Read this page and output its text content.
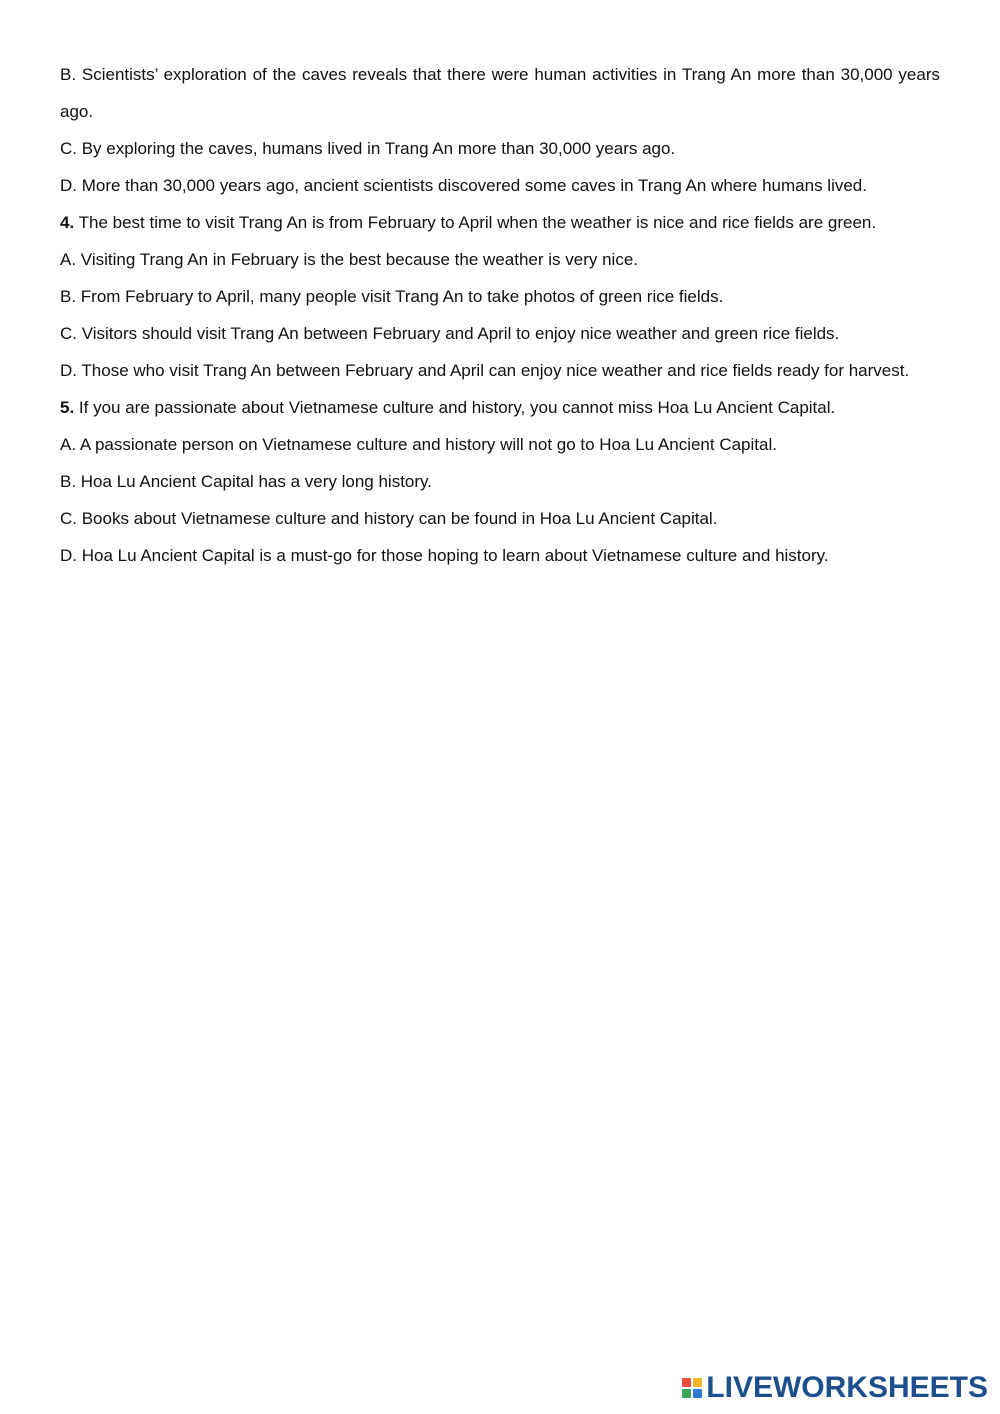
B. Scientists’ exploration of the caves reveals that there were human activities in Trang An more than 30,000 years ago.

C. By exploring the caves, humans lived in Trang An more than 30,000 years ago.

D. More than 30,000 years ago, ancient scientists discovered some caves in Trang An where humans lived.

4. The best time to visit Trang An is from February to April when the weather is nice and rice fields are green.

A. Visiting Trang An in February is the best because the weather is very nice.

B. From February to April, many people visit Trang An to take photos of green rice fields.

C. Visitors should visit Trang An between February and April to enjoy nice weather and green rice fields.

D. Those who visit Trang An between February and April can enjoy nice weather and rice fields ready for harvest.

5. If you are passionate about Vietnamese culture and history, you cannot miss Hoa Lu Ancient Capital.

A. A passionate person on Vietnamese culture and history will not go to Hoa Lu Ancient Capital.

B. Hoa Lu Ancient Capital has a very long history.

C. Books about Vietnamese culture and history can be found in Hoa Lu Ancient Capital.

D. Hoa Lu Ancient Capital is a must-go for those hoping to learn about Vietnamese culture and history.

LIVEWORKSHEETS
